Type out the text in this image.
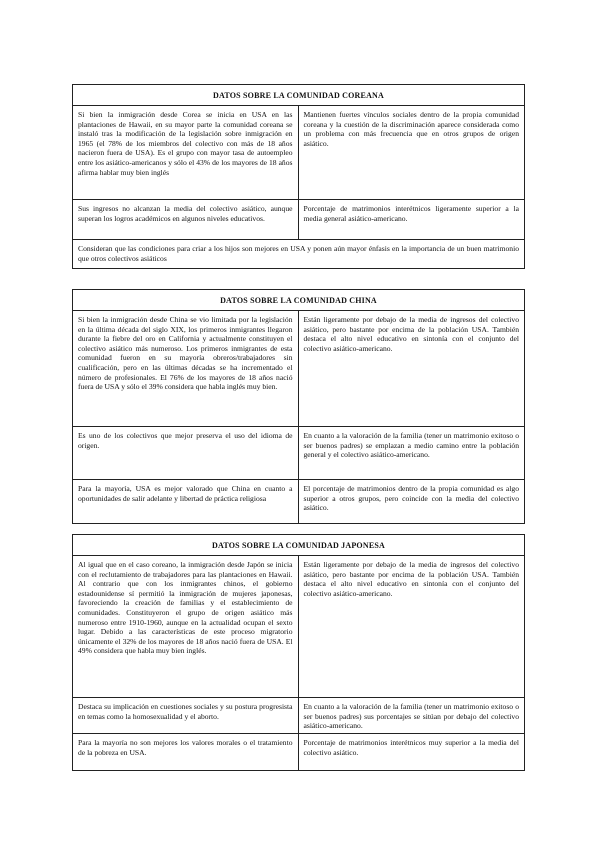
DATOS SOBRE LA COMUNIDAD COREANA
Si bien la inmigración desde Corea se inicia en USA en las plantaciones de Hawaii, en su mayor parte la comunidad coreana se instaló tras la modificación de la legislación sobre inmigración en 1965 (el 78% de los miembros del colectivo con más de 18 años nacieron fuera de USA). Es el grupo con mayor tasa de autoempleo entre los asiático-americanos y sólo el 43% de los mayores de 18 años afirma hablar muy bien inglés
Mantienen fuertes vínculos sociales dentro de la propia comunidad coreana y la cuestión de la discriminación aparece considerada como un problema con más frecuencia que en otros grupos de origen asiático.
Sus ingresos no alcanzan la media del colectivo asiático, aunque superan los logros académicos en algunos niveles educativos.
Porcentaje de matrimonios interétnicos ligeramente superior a la media general asiático-americano.
Consideran que las condiciones para criar a los hijos son mejores en USA y ponen aún mayor énfasis en la importancia de un buen matrimonio que otros colectivos asiáticos
DATOS SOBRE LA COMUNIDAD CHINA
Si bien la inmigración desde China se vio limitada por la legislación en la última década del siglo XIX, los primeros inmigrantes llegaron durante la fiebre del oro en California y actualmente constituyen el colectivo asiático más numeroso. Los primeros inmigrantes de esta comunidad fueron en su mayoría obreros/trabajadores sin cualificación, pero en las últimas décadas se ha incrementado el número de profesionales. El 76% de los mayores de 18 años nació fuera de USA y sólo el 39% considera que habla inglés muy bien.
Están ligeramente por debajo de la media de ingresos del colectivo asiático, pero bastante por encima de la población USA. También destaca el alto nivel educativo en sintonía con el conjunto del colectivo asiático-americano.
Es uno de los colectivos que mejor preserva el uso del idioma de origen.
En cuanto a la valoración de la familia (tener un matrimonio exitoso o ser buenos padres) se emplazan a medio camino entre la población general y el colectivo asiático-americano.
Para la mayoría, USA es mejor valorado que China en cuanto a oportunidades de salir adelante y libertad de práctica religiosa
El porcentaje de matrimonios dentro de la propia comunidad es algo superior a otros grupos, pero coincide con la media del colectivo asiático.
DATOS SOBRE LA COMUNIDAD JAPONESA
Al igual que en el caso coreano, la inmigración desde Japón se inicia con el reclutamiento de trabajadores para las plantaciones en Hawaii. Al contrario que con los inmigrantes chinos, el gobierno estadounidense sí permitió la inmigración de mujeres japonesas, favoreciendo la creación de familias y el establecimiento de comunidades. Constituyeron el grupo de origen asiático más numeroso entre 1910-1960, aunque en la actualidad ocupan el sexto lugar. Debido a las características de este proceso migratorio únicamente el 32% de los mayores de 18 años nació fuera de USA. El 49% considera que habla muy bien inglés.
Están ligeramente por debajo de la media de ingresos del colectivo asiático, pero bastante por encima de la población USA. También destaca el alto nivel educativo en sintonía con el conjunto del colectivo asiático-americano.
Destaca su implicación en cuestiones sociales y su postura progresista en temas como la homosexualidad y el aborto.
En cuanto a la valoración de la familia (tener un matrimonio exitoso o ser buenos padres) sus porcentajes se sitúan por debajo del colectivo asiático-americano.
Para la mayoría no son mejores los valores morales o el tratamiento de la pobreza en USA.
Porcentaje de matrimonios interétnicos muy superior a la media del colectivo asiático.
